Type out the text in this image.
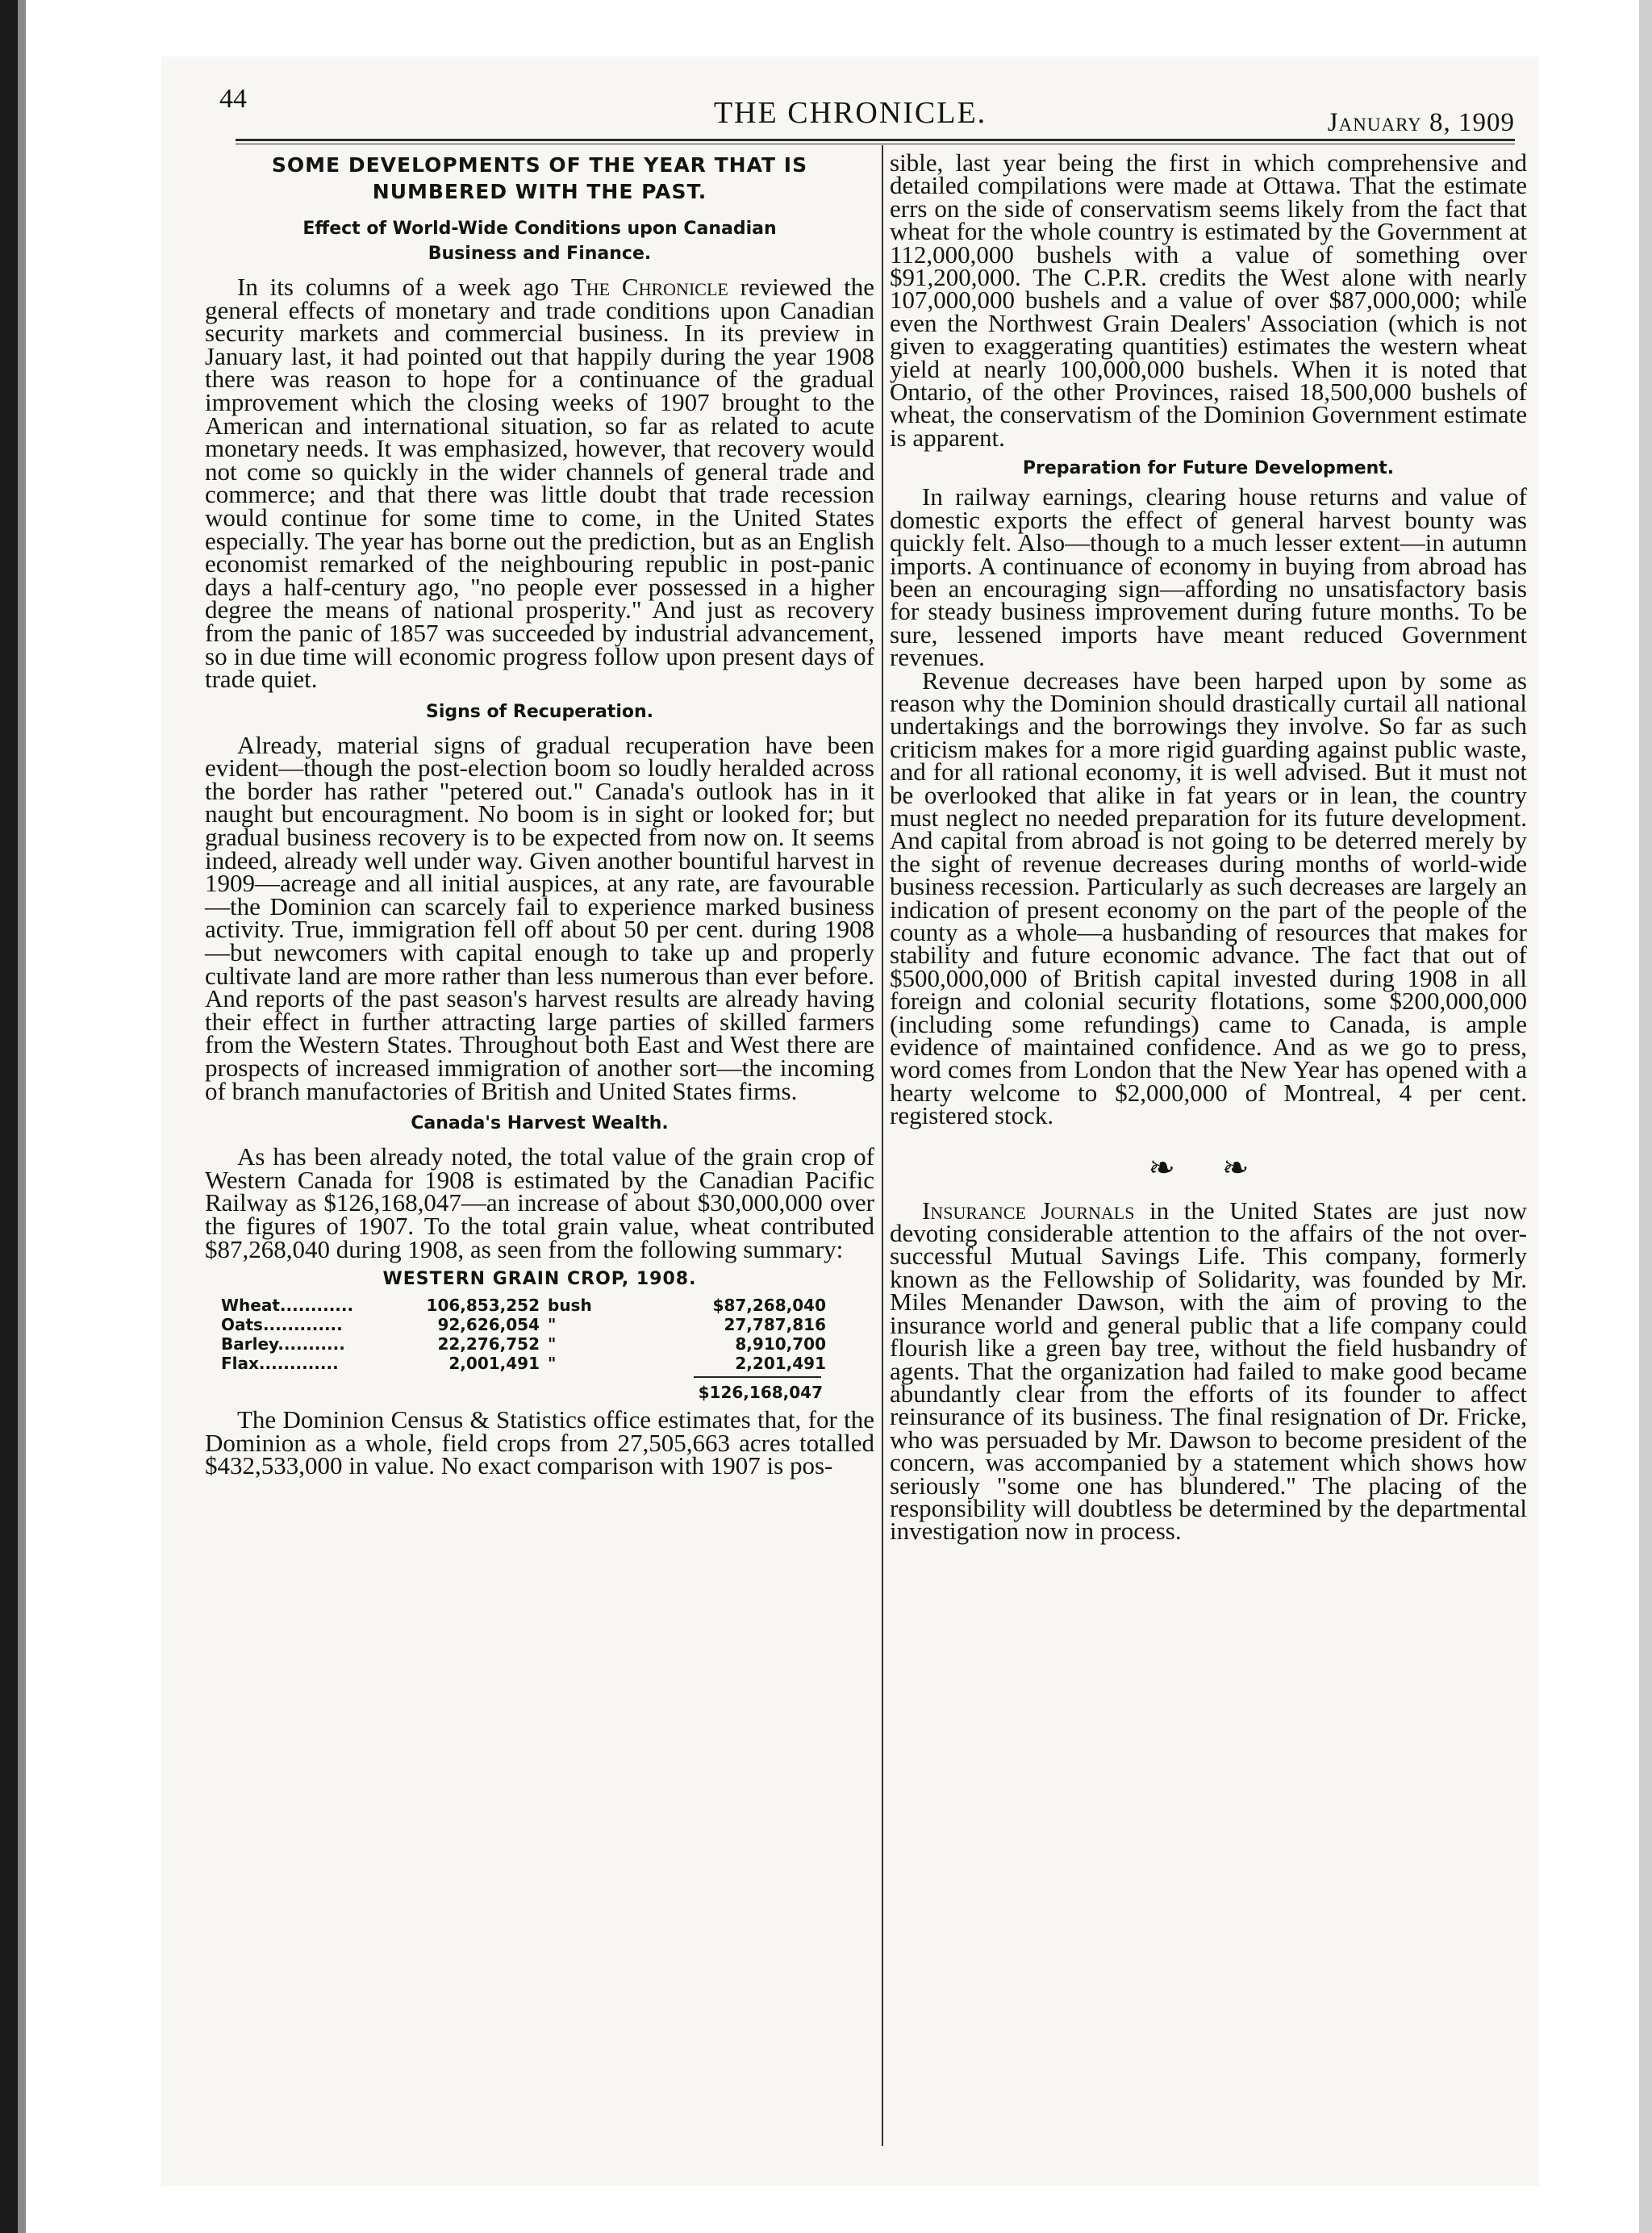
44	THE CHRONICLE.	January 8, 1909
SOME DEVELOPMENTS OF THE YEAR THAT IS
NUMBERED WITH THE PAST.
Effect of World-Wide Conditions upon Canadian
Business and Finance.

In its columns of a week ago The Chronicle reviewed the general effects of monetary and trade conditions upon Canadian security markets and commercial business. In its preview in January last, it had pointed out that happily during the year 1908 there was reason to hope for a continuance of the gradual improvement which the closing weeks of 1907 brought to the American and international situation, so far as related to acute monetary needs. It was emphasized, however, that recovery would not come so quickly in the wider channels of general trade and commerce; and that there was little doubt that trade recession would continue for some time to come, in the United States especially. The year has borne out the prediction, but as an English economist remarked of the neighbouring republic in post-panic days a half-century ago, "no people ever possessed in a higher degree the means of national prosperity." And just as recovery from the panic of 1857 was succeeded by industrial advancement, so in due time will economic progress follow upon present days of trade quiet.

Signs of Recuperation.

Already, material signs of gradual recuperation have been evident—though the post-election boom so loudly heralded across the border has rather "petered out." Canada's outlook has in it naught but encouragment. No boom is in sight or looked for; but gradual business recovery is to be expected from now on. It seems indeed, already well under way. Given another bountiful harvest in 1909—acreage and all initial auspices, at any rate, are favourable—the Dominion can scarcely fail to experience marked business activity. True, immigration fell off about 50 per cent. during 1908—but newcomers with capital enough to take up and properly cultivate land are more rather than less numerous than ever before. And reports of the past season's harvest results are already having their effect in further attracting large parties of skilled farmers from the Western States. Throughout both East and West there are prospects of increased immigration of another sort—the incoming of branch manufactories of British and United States firms.

Canada's Harvest Wealth.

As has been already noted, the total value of the grain crop of Western Canada for 1908 is estimated by the Canadian Pacific Railway as $126,168,047—an increase of about $30,000,000 over the figures of 1907. To the total grain value, wheat contributed $87,268,040 during 1908, as seen from the following summary:

WESTERN GRAIN CROP, 1908.
Wheat............	106,853,252 bush	$87,268,040
Oats.............	92,626,054 "	27,787,816
Barley...........	22,276,752 "	8,910,700
Flax.............	2,001,491 "	2,201,491
$126,168,047

The Dominion Census & Statistics office estimates that, for the Dominion as a whole, field crops from 27,505,663 acres totalled $432,533,000 in value. No exact comparison with 1907 is pos-

sible, last year being the first in which comprehensive and detailed compilations were made at Ottawa. That the estimate errs on the side of conservatism seems likely from the fact that wheat for the whole country is estimated by the Government at 112,000,000 bushels with a value of something over $91,200,000. The C.P.R. credits the West alone with nearly 107,000,000 bushels and a value of over $87,000,000; while even the Northwest Grain Dealers' Association (which is not given to exaggerating quantities) estimates the western wheat yield at nearly 100,000,000 bushels. When it is noted that Ontario, of the other Provinces, raised 18,500,000 bushels of wheat, the conservatism of the Dominion Government estimate is apparent.

Preparation for Future Development.

In railway earnings, clearing house returns and value of domestic exports the effect of general harvest bounty was quickly felt. Also—though to a much lesser extent—in autumn imports. A continuance of economy in buying from abroad has been an encouraging sign—affording no unsatisfactory basis for steady business improvement during future months. To be sure, lessened imports have meant reduced Government revenues.

Revenue decreases have been harped upon by some as reason why the Dominion should drastically curtail all national undertakings and the borrowings they involve. So far as such criticism makes for a more rigid guarding against public waste, and for all rational economy, it is well advised. But it must not be overlooked that alike in fat years or in lean, the country must neglect no needed preparation for its future development. And capital from abroad is not going to be deterred merely by the sight of revenue decreases during months of world-wide business recession. Particularly as such decreases are largely an indication of present economy on the part of the people of the county as a whole—a husbanding of resources that makes for stability and future economic advance. The fact that out of $500,000,000 of British capital invested during 1908 in all foreign and colonial security flotations, some $200,000,000 (including some refundings) came to Canada, is ample evidence of maintained confidence. And as we go to press, word comes from London that the New Year has opened with a hearty welcome to $2,000,000 of Montreal, 4 per cent. registered stock.

❧ ❧

Insurance Journals in the United States are just now devoting considerable attention to the affairs of the not over-successful Mutual Savings Life. This company, formerly known as the Fellowship of Solidarity, was founded by Mr. Miles Menander Dawson, with the aim of proving to the insurance world and general public that a life company could flourish like a green bay tree, without the field husbandry of agents. That the organization had failed to make good became abundantly clear from the efforts of its founder to affect reinsurance of its business. The final resignation of Dr. Fricke, who was persuaded by Mr. Dawson to become president of the concern, was accompanied by a statement which shows how seriously "some one has blundered." The placing of the responsibility will doubtless be determined by the departmental investigation now in process.
